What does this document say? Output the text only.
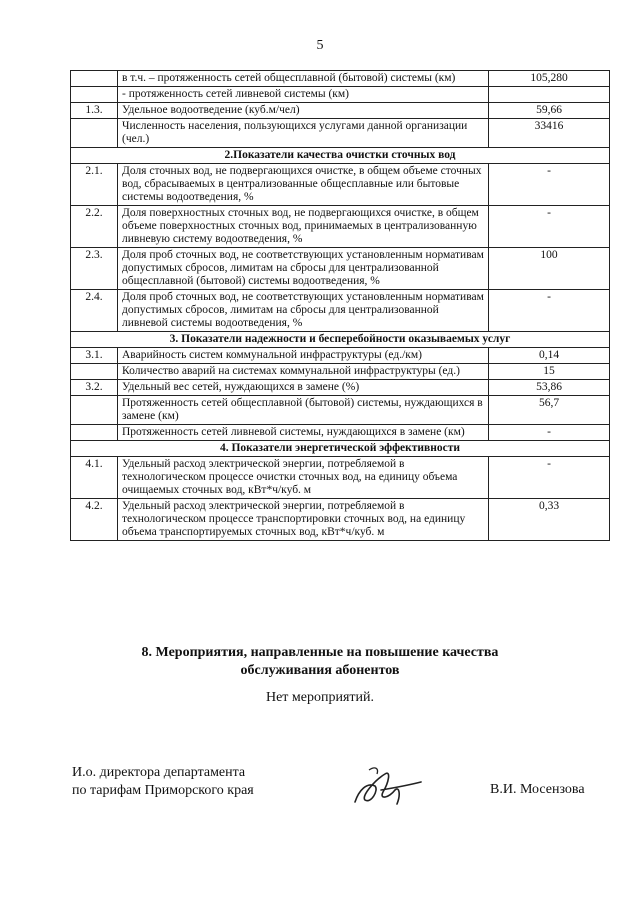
5
	в т.ч. – протяженность сетей общесплавной (бытовой) системы (км)	105,280
	- протяженность сетей ливневой системы (км)	
1.3.	Удельное водоотведение (куб.м/чел)	59,66
	Численность населения, пользующихся услугами данной организации (чел.)	33416
2.Показатели качества очистки сточных вод		
2.1.	Доля сточных вод, не подвергающихся очистке, в общем объеме сточных вод, сбрасываемых в централизованные общесплавные или бытовые системы водоотведения, %	-
2.2.	Доля поверхностных сточных вод, не подвергающихся очистке, в общем объеме поверхностных сточных вод, принимаемых в централизованную ливневую систему водоотведения, %	-
2.3.	Доля проб сточных вод, не соответствующих установленным нормативам допустимых сбросов, лимитам на сбросы для централизованной общесплавной (бытовой) системы водоотведения, %	100
2.4.	Доля проб сточных вод, не соответствующих установленным нормативам допустимых сбросов, лимитам на сбросы для централизованной ливневой системы водоотведения, %	-
3. Показатели надежности и бесперебойности оказываемых услуг		
3.1.	Аварийность систем коммунальной инфраструктуры (ед./км)	0,14
	Количество аварий на системах коммунальной инфраструктуры (ед.)	15
3.2.	Удельный вес сетей, нуждающихся в замене (%)	53,86
	Протяженность сетей общесплавной (бытовой) системы, нуждающихся в замене (км)	56,7
	Протяженность сетей ливневой системы, нуждающихся в замене (км)	-
4. Показатели энергетической эффективности		
4.1.	Удельный расход электрической энергии, потребляемой в технологическом процессе очистки сточных вод, на единицу объема очищаемых сточных вод, кВт*ч/куб. м	-
4.2.	Удельный расход электрической энергии, потребляемой в технологическом процессе транспортировки сточных вод, на единицу объема транспортируемых сточных вод, кВт*ч/куб. м	0,33
8. Мероприятия, направленные на повышение качества
обслуживания абонентов
Нет мероприятий.
И.о. директора департамента
по тарифам Приморского края	В.И. Мосензова
